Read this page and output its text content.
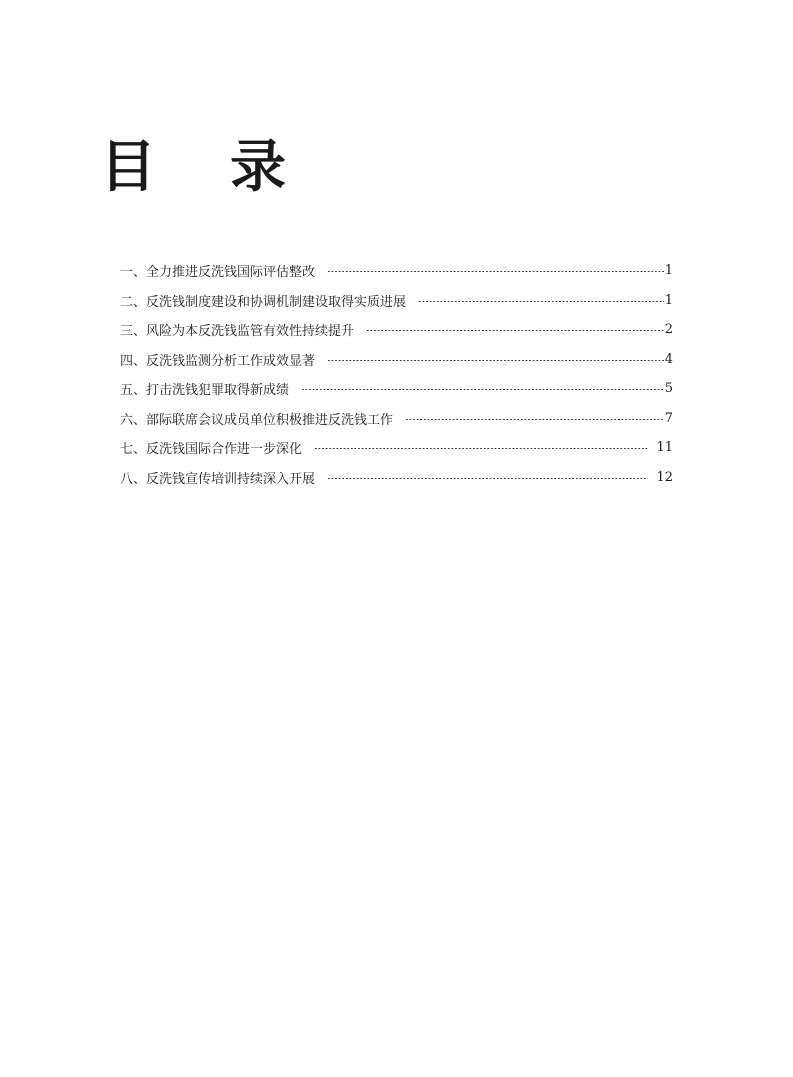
目	录
一、全力推进反洗钱国际评估整改	1
二、反洗钱制度建设和协调机制建设取得实质进展	1
三、风险为本反洗钱监管有效性持续提升	2
四、反洗钱监测分析工作成效显著	4
五、打击洗钱犯罪取得新成绩	5
六、部际联席会议成员单位积极推进反洗钱工作	7
七、反洗钱国际合作进一步深化	11
八、反洗钱宣传培训持续深入开展	12
